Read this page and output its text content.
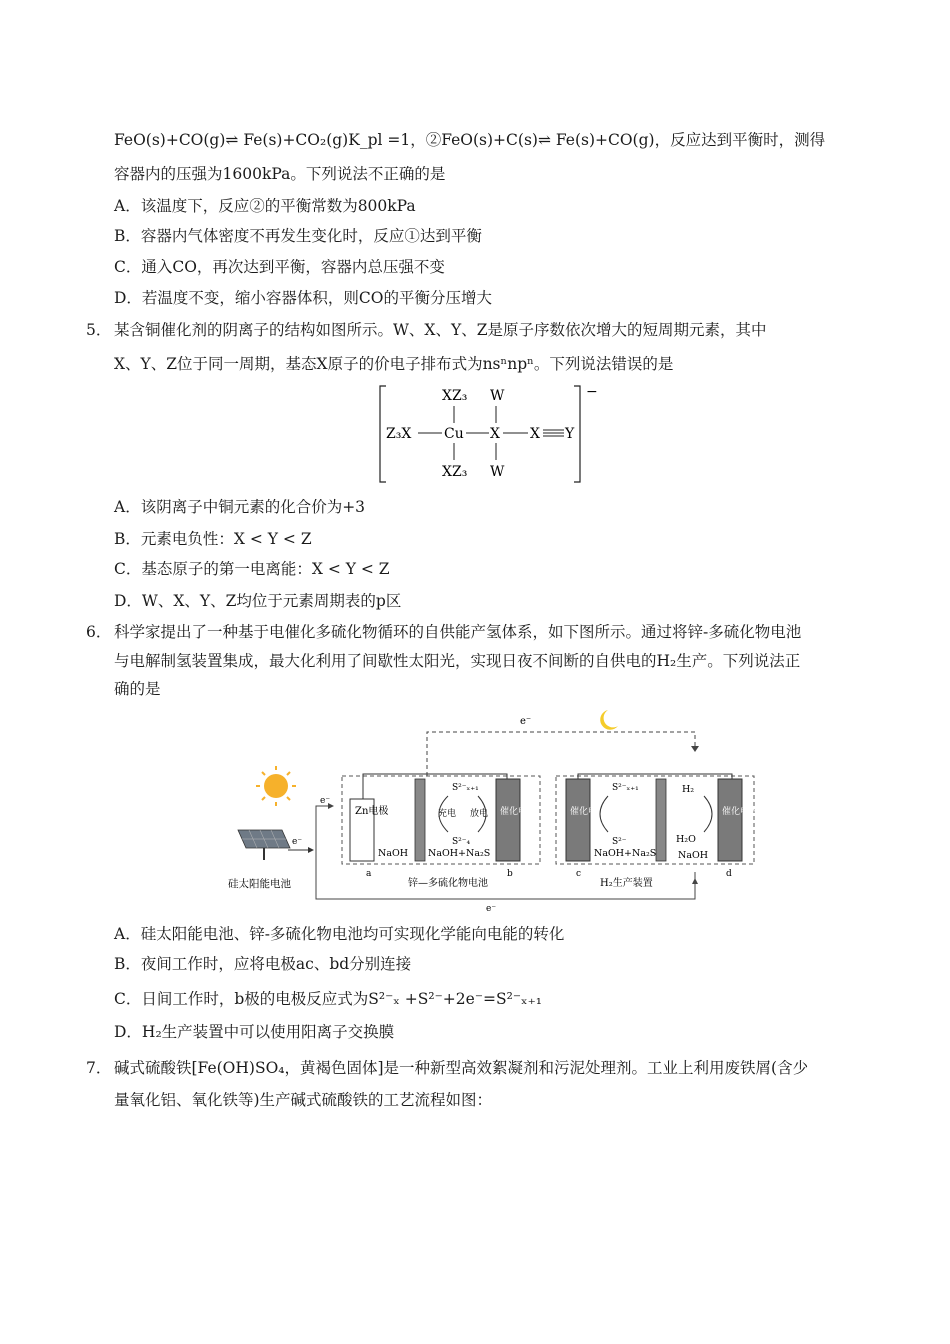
FeO(s)+CO(g)⇌ Fe(s)+CO₂(g)K_pl =1，②FeO(s)+C(s)⇌ Fe(s)+CO(g)，反应达到平衡时，测得
容器内的压强为1600kPa。下列说法不正确的是
A．该温度下，反应②的平衡常数为800kPa
B．容器内气体密度不再发生变化时，反应①达到平衡
C．通入CO，再次达到平衡，容器内总压强不变
D．若温度不变，缩小容器体积，则CO的平衡分压增大
5． 某含铜催化剂的阴离子的结构如图所示。W、X、Y、Z是原子序数依次增大的短周期元素，其中
X、Y、Z位于同一周期，基态X原子的价电子排布式为nsⁿnpⁿ。下列说法错误的是
−
XZ₃ W
Z₃X Cu X X Y
XZ₃ W
A．该阴离子中铜元素的化合价为+3
B．元素电负性：X < Y < Z
C．基态原子的第一电离能：X < Y < Z
D．W、X、Y、Z均位于元素周期表的p区
6． 科学家提出了一种基于电催化多硫化物循环的自供能产氢体系，如下图所示。通过将锌-多硫化物电池
与电解制氢装置集成，最大化利用了间歇性太阳光，实现日夜不间断的自供电的H₂生产。下列说法正
确的是
e⁻
硅太阳能电池
e⁻
e⁻
e⁻
Zn电极	催化电极
NaOH NaOH+Na₂S
S²⁻ₓ₊₁
S²⁻₄
充电 放电
a	b
锌—多硫化物电池
催化电极	催化电极
S²⁻ₓ₊₁
S²⁻
NaOH+Na₂S
H₂
H₂O
NaOH
c	d
H₂生产装置
A．硅太阳能电池、锌-多硫化物电池均可实现化学能向电能的转化
B．夜间工作时，应将电极ac、bd分别连接
C．日间工作时，b极的电极反应式为S²⁻ₓ +S²⁻+2e⁻=S²⁻ₓ₊₁
D．H₂生产装置中可以使用阳离子交换膜
7． 碱式硫酸铁[Fe(OH)SO₄，黄褐色固体]是一种新型高效絮凝剂和污泥处理剂。工业上利用废铁屑(含少
量氧化铝、氧化铁等)生产碱式硫酸铁的工艺流程如图：
